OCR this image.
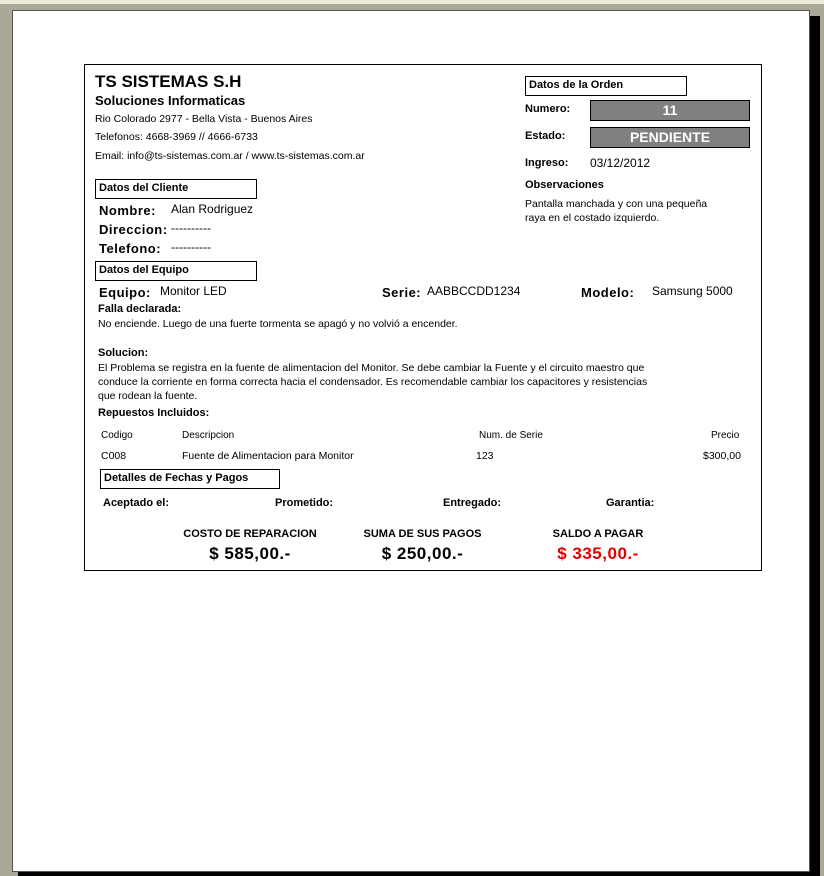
TS SISTEMAS S.H
Soluciones Informaticas
Rio Colorado 2977 - Bella Vista - Buenos Aires
Telefonos: 4668-3969 // 4666-6733
Email: info@ts-sistemas.com.ar / www.ts-sistemas.com.ar
Datos de la Orden
Numero:	11
Estado:	PENDIENTE
Ingreso: 03/12/2012
Observaciones
Pantalla manchada y con una pequeña
raya en el costado izquierdo.
Datos del Cliente
Nombre: Alan Rodriguez
Direccion: ----------
Telefono: ----------
Datos del Equipo
Equipo: Monitor LED	Serie: AABBCCDD1234	Modelo: Samsung 5000
Falla declarada:
No enciende. Luego de una fuerte tormenta se apagó y no volvió a encender.
Solucion:
El Problema se registra en la fuente de alimentacion del Monitor. Se debe cambiar la Fuente y el circuito maestro que
conduce la corriente en forma correcta hacia el condensador. Es recomendable cambiar los capacitores y resistencias
que rodean la fuente.
Repuestos Incluidos:
Codigo	Descripcion	Num. de Serie	Precio
C008	Fuente de Alimentacion para Monitor	123	$300,00
Detalles de Fechas y Pagos
Aceptado el:	Prometido:	Entregado:	Garantia:
COSTO DE REPARACION
$ 585,00.-
SUMA DE SUS PAGOS
$ 250,00.-
SALDO A PAGAR
$ 335,00.-
